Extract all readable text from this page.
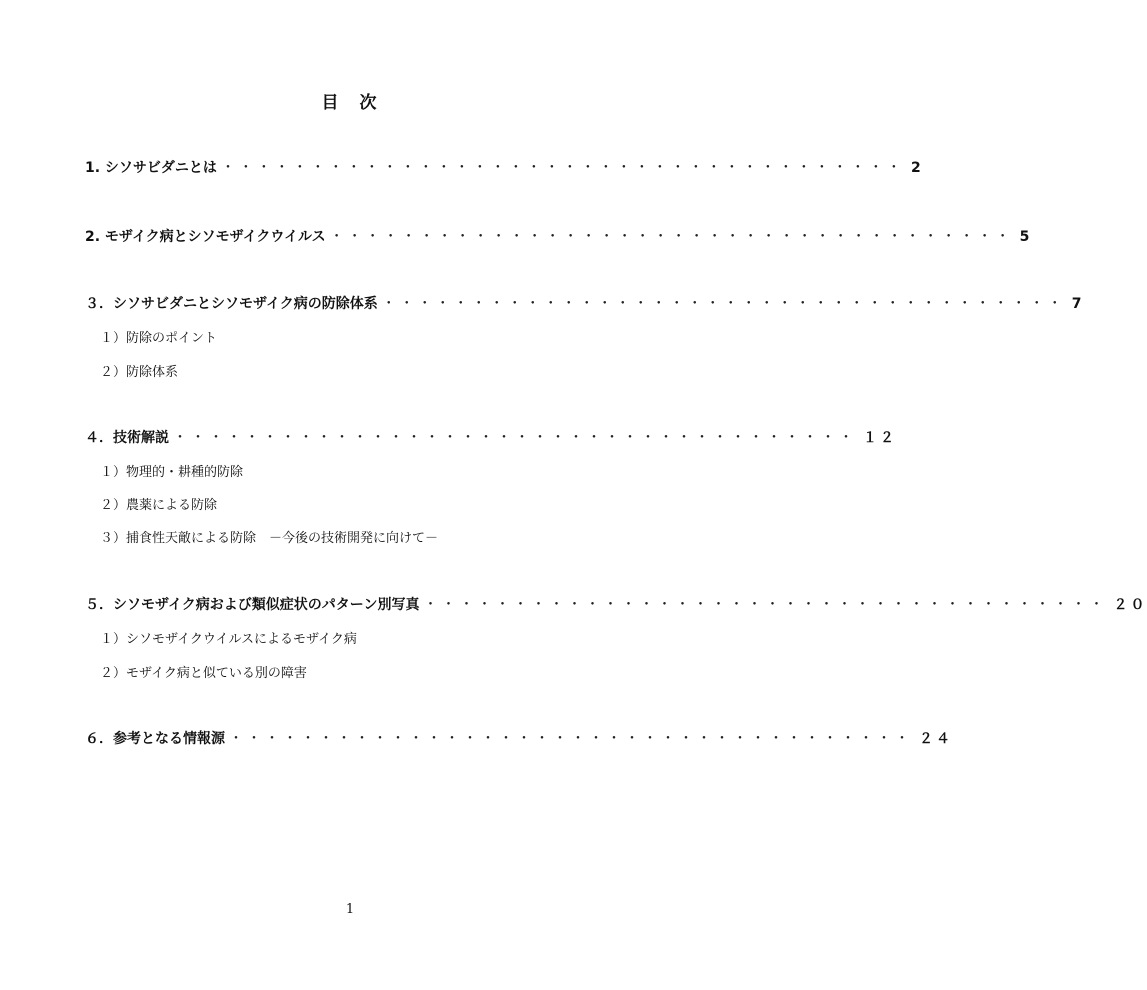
目　次
1. シソサビダニとは ・・・・・・・・・・・・・・・・・・・・・・・・・・・・・・・・・・・・・・ 2
2. モザイク病とシソモザイクウイルス ・・・・・・・・・・・・・・・・・・・・・・・・・・・・・・・・・・・・・・ 5
３．シソサビダニとシソモザイク病の防除体系 ・・・・・・・・・・・・・・・・・・・・・・・・・・・・・・・・・・・・・・ 7
１）防除のポイント
２）防除体系
４．技術解説 ・・・・・・・・・・・・・・・・・・・・・・・・・・・・・・・・・・・・・・ １２
１）物理的・耕種的防除
２）農薬による防除
３）捕食性天敵による防除　－今後の技術開発に向けて－
５．シソモザイク病および類似症状のパターン別写真 ・・・・・・・・・・・・・・・・・・・・・・・・・・・・・・・・・・・・・・ ２０
１）シソモザイクウイルスによるモザイク病
２）モザイク病と似ている別の障害
６．参考となる情報源 ・・・・・・・・・・・・・・・・・・・・・・・・・・・・・・・・・・・・・・ ２４
1
